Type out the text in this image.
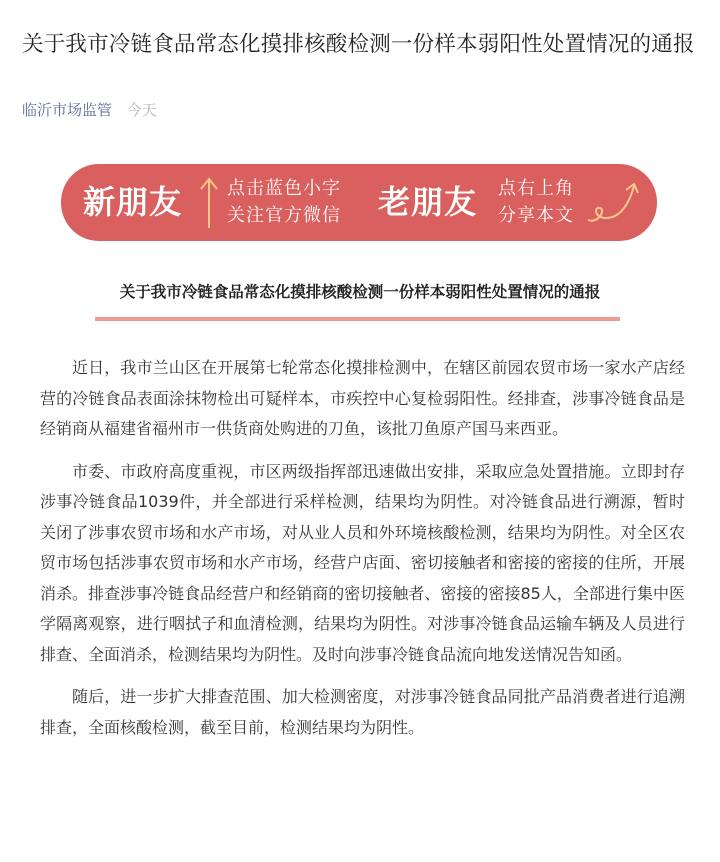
关于我市冷链食品常态化摸排核酸检测一份样本弱阳性处置情况的通报
临沂市场监管 今天
新朋友 点击蓝色小字
关注官方微信 老朋友 点右上角
分享本文
关于我市冷链食品常态化摸排核酸检测一份样本弱阳性处置情况的通报

近日，我市兰山区在开展第七轮常态化摸排检测中，在辖区前园农贸市场一家水产店经营的冷链食品表面涂抹物检出可疑样本，市疾控中心复检弱阳性。经排查，涉事冷链食品是经销商从福建省福州市一供货商处购进的刀鱼，该批刀鱼原产国马来西亚。

市委、市政府高度重视，市区两级指挥部迅速做出安排，采取应急处置措施。立即封存涉事冷链食品1039件，并全部进行采样检测，结果均为阴性。对冷链食品进行溯源，暂时关闭了涉事农贸市场和水产市场，对从业人员和外环境核酸检测，结果均为阴性。对全区农贸市场包括涉事农贸市场和水产市场，经营户店面、密切接触者和密接的密接的住所，开展消杀。排查涉事冷链食品经营户和经销商的密切接触者、密接的密接85人，全部进行集中医学隔离观察，进行咽拭子和血清检测，结果均为阴性。对涉事冷链食品运输车辆及人员进行排查、全面消杀，检测结果均为阴性。及时向涉事冷链食品流向地发送情况告知函。

随后，进一步扩大排查范围、加大检测密度，对涉事冷链食品同批产品消费者进行追溯排查，全面核酸检测，截至目前，检测结果均为阴性。
